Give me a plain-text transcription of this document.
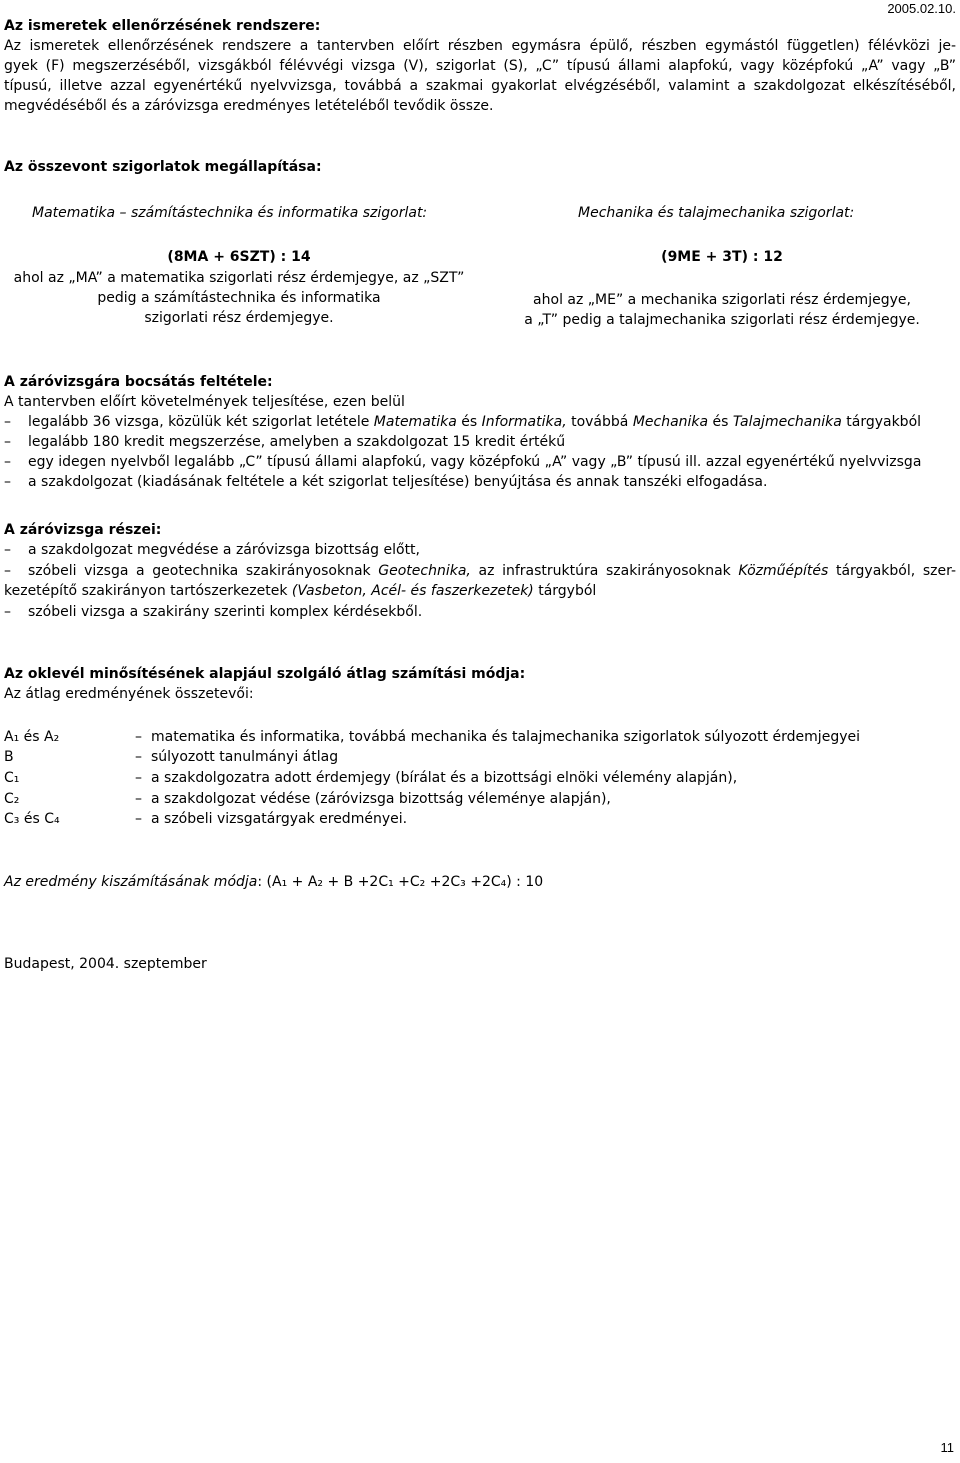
2005.02.10.
Az ismeretek ellenőrzésének rendszere:
Az ismeretek ellenőrzésének rendszere a tantervben előírt részben egymásra épülő, részben egymástól független) félévközi je-
gyek (F) megszerzéséből, vizsgákból félévvégi vizsga (V), szigorlat (S), „C” típusú állami alapfokú, vagy középfokú „A” vagy „B”
típusú, illetve azzal egyenértékű nyelvvizsga, továbbá a szakmai gyakorlat elvégzéséből, valamint a szakdolgozat elkészítéséből,
megvédéséből és a záróvizsga eredményes letételéből tevődik össze.
Az összevont szigorlatok megállapítása:
Matematika – számítástechnika és informatika szigorlat:	Mechanika és talajmechanika szigorlat:
(8MA + 6SZT) : 14	(9ME + 3T) : 12
ahol az „MA” a matematika szigorlati rész érdemjegye, az „SZT”
pedig a számítástechnika és informatika
szigorlati rész érdemjegye.
ahol az „ME” a mechanika szigorlati rész érdemjegye,
a „T” pedig a talajmechanika szigorlati rész érdemjegye.
A záróvizsgára bocsátás feltétele:
A tantervben előírt követelmények teljesítése, ezen belül
– legalább 36 vizsga, közülük két szigorlat letétele Matematika és Informatika, továbbá Mechanika és Talajmechanika tárgyakból
– legalább 180 kredit megszerzése, amelyben a szakdolgozat 15 kredit értékű
– egy idegen nyelvből legalább „C” típusú állami alapfokú, vagy középfokú „A” vagy „B” típusú ill. azzal egyenértékű nyelvvizsga
– a szakdolgozat (kiadásának feltétele a két szigorlat teljesítése) benyújtása és annak tanszéki elfogadása.
A záróvizsga részei:
– a szakdolgozat megvédése a záróvizsga bizottság előtt,
– szóbeli vizsga a geotechnika szakirányosoknak Geotechnika, az infrastruktúra szakirányosoknak Közműépítés tárgyakból, szer-
kezetépítő szakirányon tartószerkezetek (Vasbeton, Acél- és faszerkezetek) tárgyból
– szóbeli vizsga a szakirány szerinti komplex kérdésekből.
Az oklevél minősítésének alapjául szolgáló átlag számítási módja:
Az átlag eredményének összetevői:
A₁ és A₂	– matematika és informatika, továbbá mechanika és talajmechanika szigorlatok súlyozott érdemjegyei
B	– súlyozott tanulmányi átlag
C₁	– a szakdolgozatra adott érdemjegy (bírálat és a bizottsági elnöki vélemény alapján),
C₂	– a szakdolgozat védése (záróvizsga bizottság véleménye alapján),
C₃ és C₄	– a szóbeli vizsgatárgyak eredményei.
Az eredmény kiszámításának módja: (A₁ + A₂ + B +2C₁ +C₂ +2C₃ +2C₄) : 10
Budapest, 2004. szeptember
11
